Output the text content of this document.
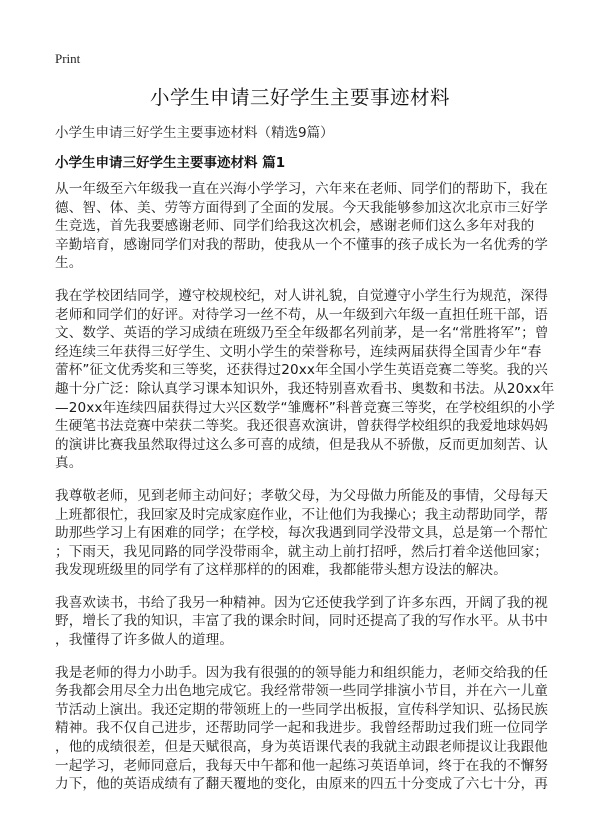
Print
小学生申请三好学生主要事迹材料
小学生申请三好学生主要事迹材料（精选9篇）
小学生申请三好学生主要事迹材料 篇1

从一年级至六年级我一直在兴海小学学习，六年来在老师、同学们的帮助下，我在
德、智、体、美、劳等方面得到了全面的发展。今天我能够参加这次北京市三好学
生竞选，首先我要感谢老师、同学们给我这次机会，感谢老师们这么多年对我的
辛勤培育，感谢同学们对我的帮助，使我从一个不懂事的孩子成长为一名优秀的学
生。

我在学校团结同学，遵守校规校纪，对人讲礼貌，自觉遵守小学生行为规范，深得
老师和同学们的好评。对待学习一丝不苟，从一年级到六年级一直担任班干部，语
文、数学、英语的学习成绩在班级乃至全年级都名列前茅，是一名“常胜将军”；曾
经连续三年获得三好学生、文明小学生的荣誉称号，连续两届获得全国青少年“春
蕾杯”征文优秀奖和三等奖，还获得过20xx年全国小学生英语竞赛二等奖。我的兴
趣十分广泛：除认真学习课本知识外，我还特别喜欢看书、奥数和书法。从20xx年
—20xx年连续四届获得过大兴区数学“雏鹰杯”科普竞赛三等奖，在学校组织的小学
生硬笔书法竞赛中荣获二等奖。我还很喜欢演讲，曾获得学校组织的我爱地球妈妈
的演讲比赛我虽然取得过这么多可喜的成绩，但是我从不骄傲，反而更加刻苦、认
真。

我尊敬老师，见到老师主动问好；孝敬父母，为父母做力所能及的事情，父母每天
上班都很忙，我回家及时完成家庭作业，不让他们为我操心；我主动帮助同学，帮
助那些学习上有困难的同学；在学校，每次我遇到同学没带文具，总是第一个帮忙
；下雨天，我见同路的同学没带雨伞，就主动上前打招呼，然后打着伞送他回家；
我发现班级里的同学有了这样那样的的困难，我都能带头想方设法的解决。

我喜欢读书，书给了我另一种精神。因为它还使我学到了许多东西，开阔了我的视
野，增长了我的知识，丰富了我的课余时间，同时还提高了我的写作水平。从书中
，我懂得了许多做人的道理。

我是老师的得力小助手。因为我有很强的的领导能力和组织能力，老师交给我的任
务我都会用尽全力出色地完成它。我经常带领一些同学排演小节目，并在六一儿童
节活动上演出。我还定期的带领班上的一些同学出板报，宣传科学知识、弘扬民族
精神。我不仅自己进步，还帮助同学一起和我进步。我曾经帮助过我们班一位同学
，他的成绩很差，但是天赋很高，身为英语课代表的我就主动跟老师提议让我跟他
一起学习，老师同意后，我每天中午都和他一起练习英语单词，终于在我的不懈努
力下，他的英语成绩有了翻天覆地的变化，由原来的四五十分变成了六七十分，再
